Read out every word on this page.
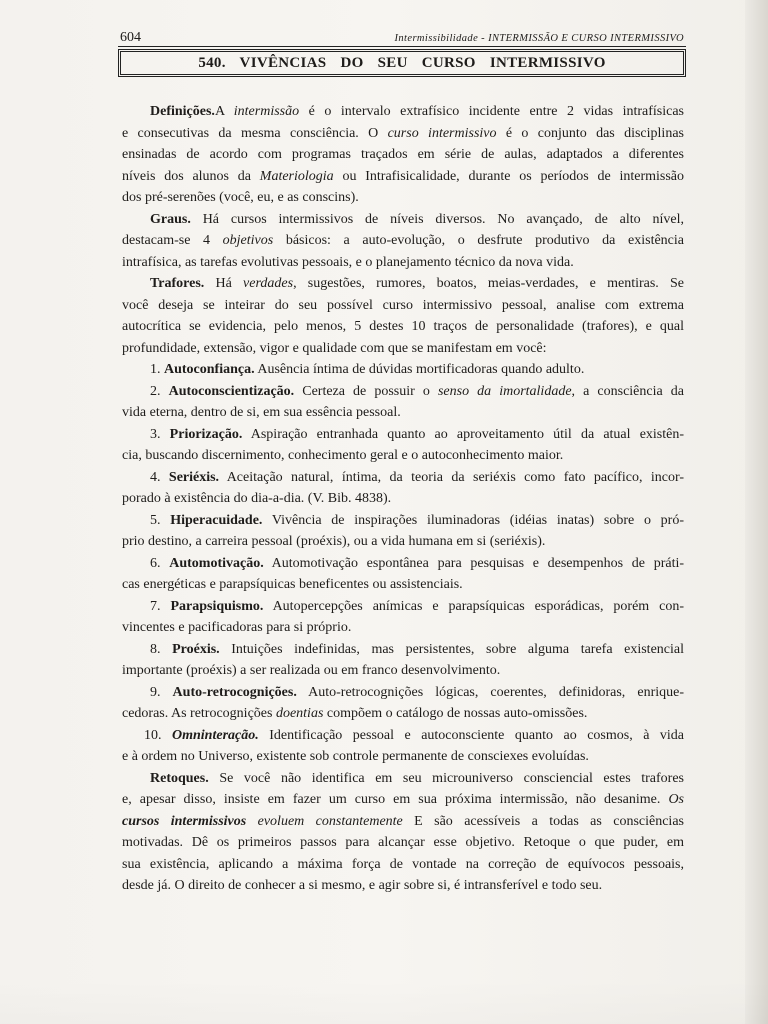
604	Intermissibilidade - INTERMISSÃO E CURSO INTERMISSIVO
540. VIVÊNCIAS DO SEU CURSO INTERMISSIVO
Definições.A intermissão é o intervalo extrafísico incidente entre 2 vidas intrafísicas
e consecutivas da mesma consciência. O curso intermissivo é o conjunto das disciplinas
ensinadas de acordo com programas traçados em série de aulas, adaptados a diferentes
níveis dos alunos da Materiologia ou Intrafisicalidade, durante os períodos de intermissão
dos pré-serenões (você, eu, e as conscins).
Graus. Há cursos intermissivos de níveis diversos. No avançado, de alto nível,
destacam-se 4 objetivos básicos: a auto-evolução, o desfrute produtivo da existência
intrafísica, as tarefas evolutivas pessoais, e o planejamento técnico da nova vida.
Trafores. Há verdades, sugestões, rumores, boatos, meias-verdades, e mentiras. Se
você deseja se inteirar do seu possível curso intermissivo pessoal, analise com extrema
autocrítica se evidencia, pelo menos, 5 destes 10 traços de personalidade (trafores), e qual
profundidade, extensão, vigor e qualidade com que se manifestam em você:
1. Autoconfiança. Ausência íntima de dúvidas mortificadoras quando adulto.
2. Autoconscientização. Certeza de possuir o senso da imortalidade, a consciência da
vida eterna, dentro de si, em sua essência pessoal.
3. Priorização. Aspiração entranhada quanto ao aproveitamento útil da atual existên-
cia, buscando discernimento, conhecimento geral e o autoconhecimento maior.
4. Seriéxis. Aceitação natural, íntima, da teoria da seriéxis como fato pacífico, incor-
porado à existência do dia-a-dia. (V. Bib. 4838).
5. Hiperacuidade. Vivência de inspirações iluminadoras (idéias inatas) sobre o pró-
prio destino, a carreira pessoal (proéxis), ou a vida humana em si (seriéxis).
6. Automotivação. Automotivação espontânea para pesquisas e desempenhos de práti-
cas energéticas e parapsíquicas beneficentes ou assistenciais.
7. Parapsiquismo. Autopercepções anímicas e parapsíquicas esporádicas, porém con-
vincentes e pacificadoras para si próprio.
8. Proéxis. Intuições indefinidas, mas persistentes, sobre alguma tarefa existencial
importante (proéxis) a ser realizada ou em franco desenvolvimento.
9. Auto-retrocognições. Auto-retrocognições lógicas, coerentes, definidoras, enrique-
cedoras. As retrocognições doentias compõem o catálogo de nossas auto-omissões.
10. Omninteração. Identificação pessoal e autoconsciente quanto ao cosmos, à vida
e à ordem no Universo, existente sob controle permanente de consciexes evoluídas.
Retoques. Se você não identifica em seu microuniverso consciencial estes trafores
e, apesar disso, insiste em fazer um curso em sua próxima intermissão, não desanime. Os
cursos intermissivos evoluem constantemente E são acessíveis a todas as consciências
motivadas. Dê os primeiros passos para alcançar esse objetivo. Retoque o que puder, em
sua existência, aplicando a máxima força de vontade na correção de equívocos pessoais,
desde já. O direito de conhecer a si mesmo, e agir sobre si, é intransferível e todo seu.
